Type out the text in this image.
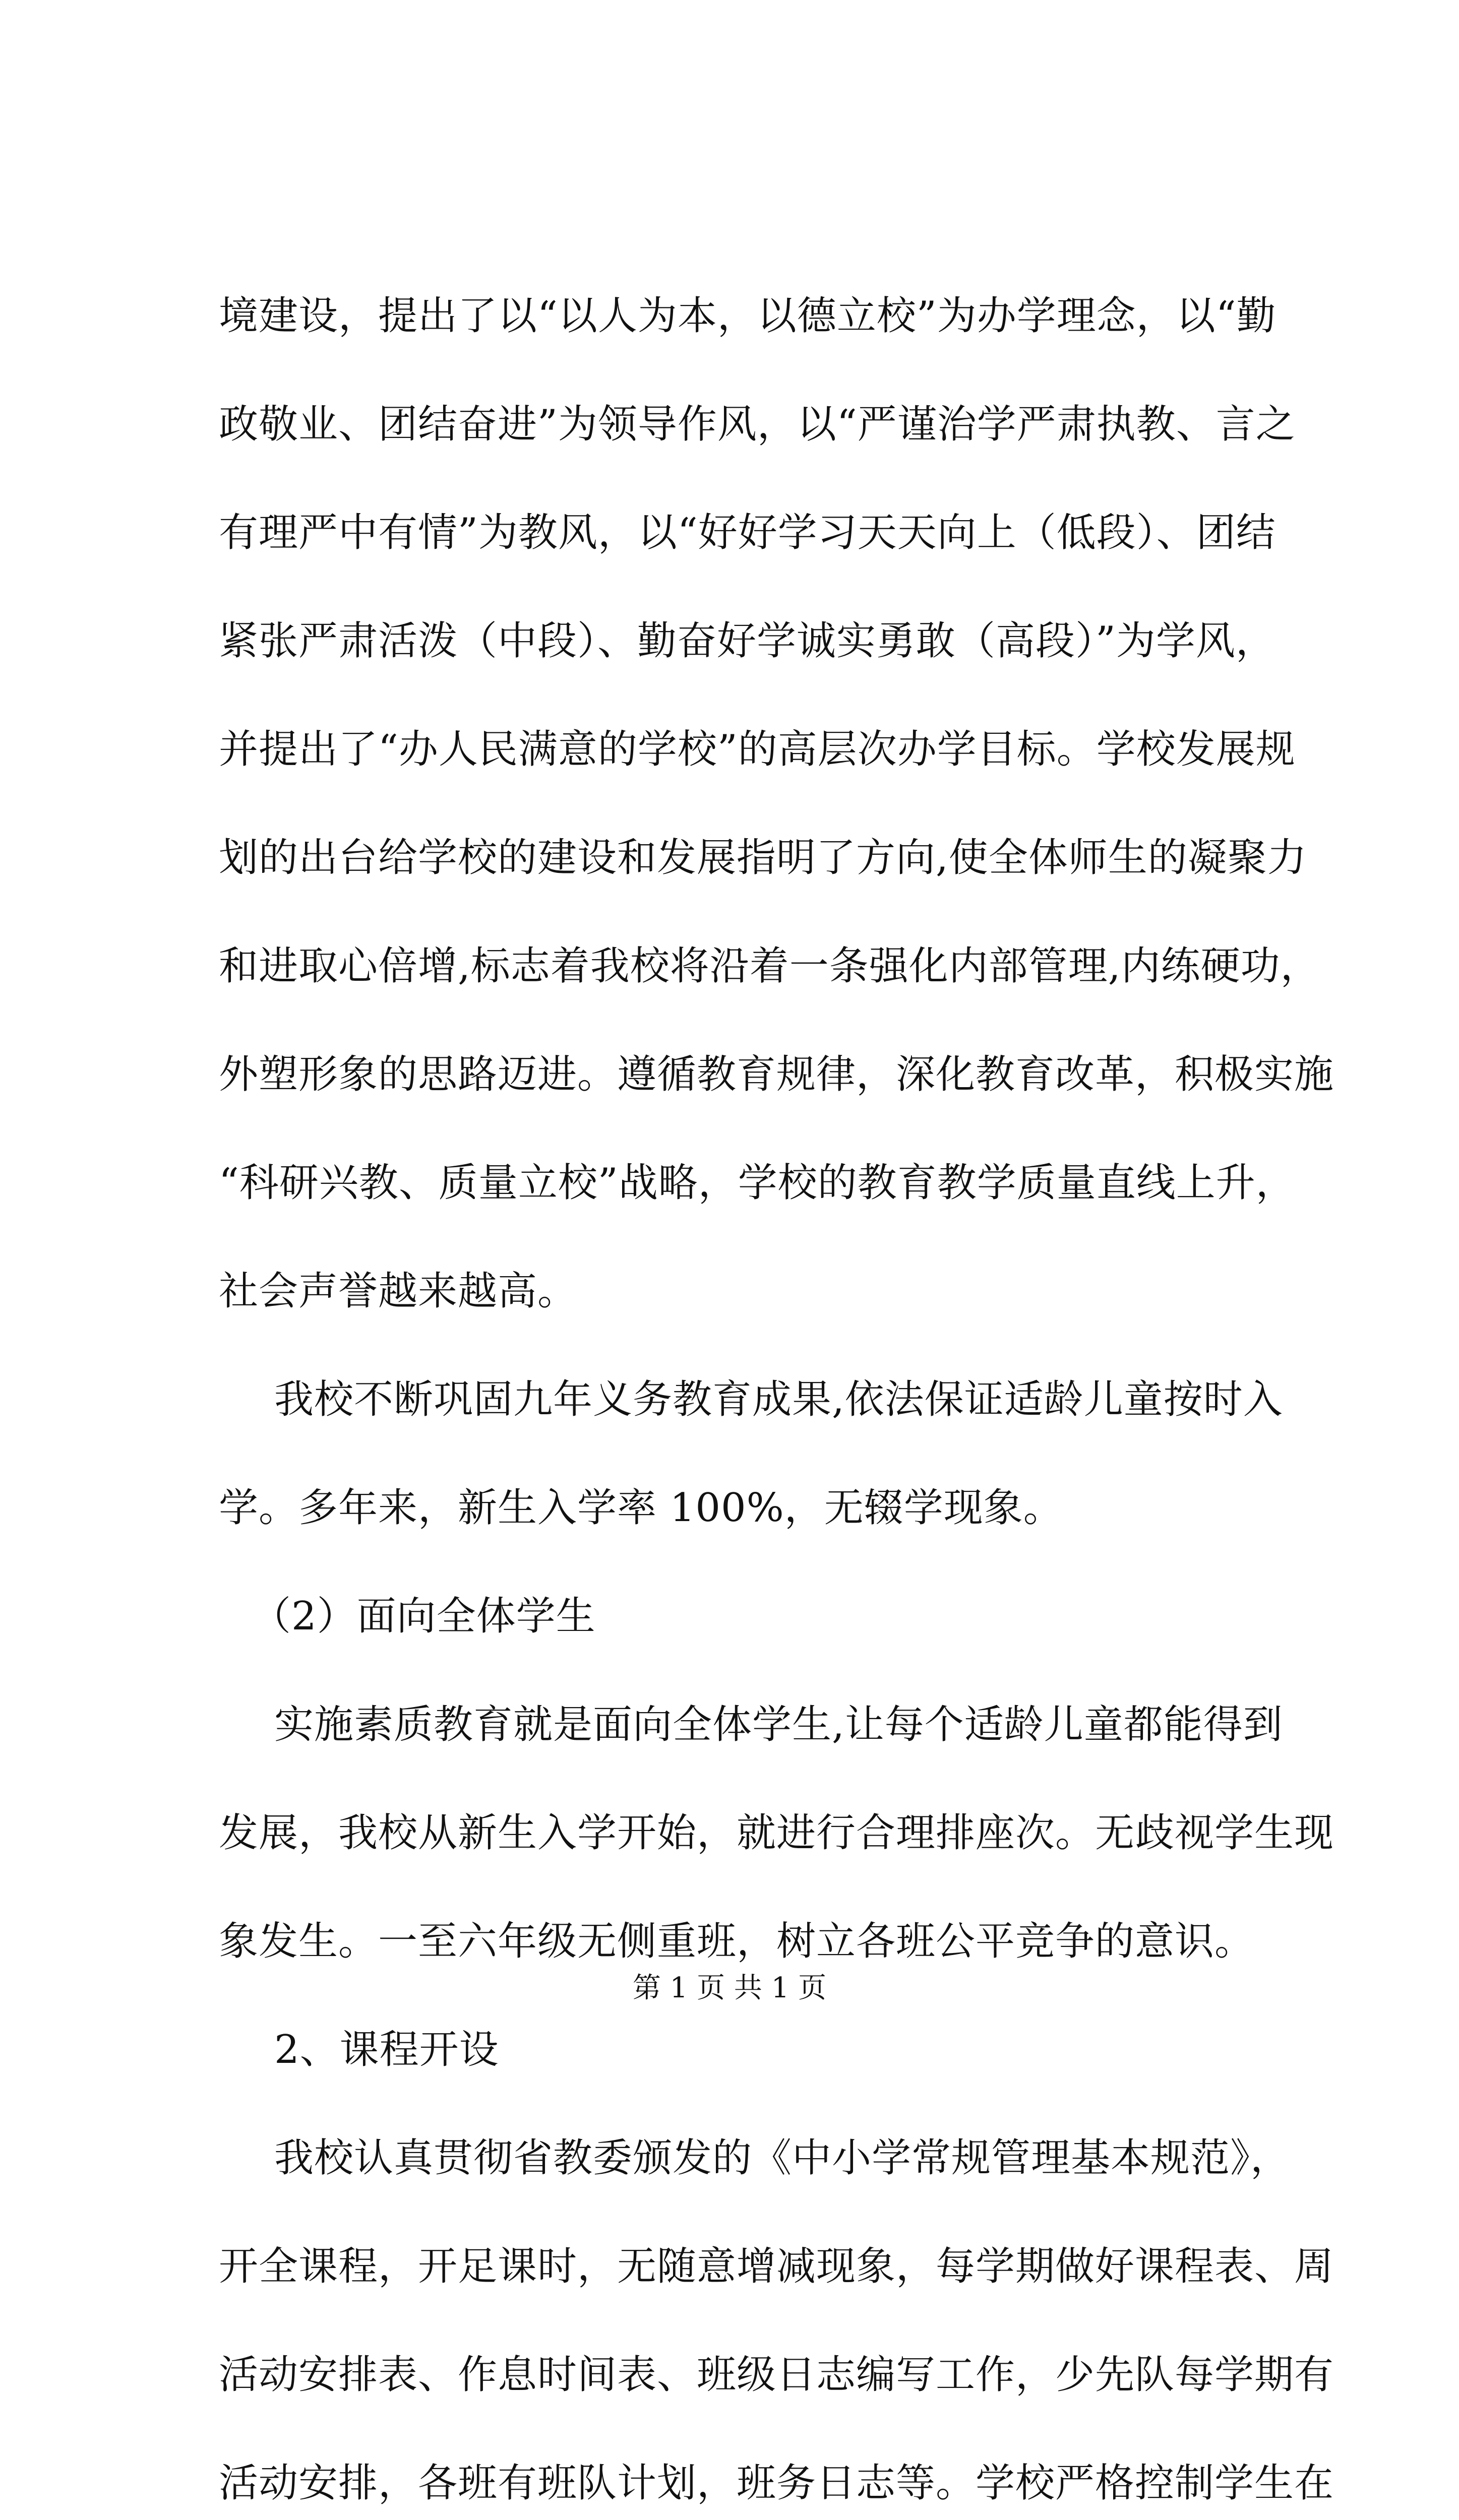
境建设，提出了以“以人为本，以德立校”为办学理念，以“勤
政敬业、团结奋进”为领导作风，以“严谨治学严肃执教、言之
有理严中有情”为教风，以“好好学习天天向上（低段）、团结
紧张严肃活泼（中段）、勤奋好学诚实勇敢（高段）”为学风，
并提出了“办人民满意的学校”的高层次办学目标。学校发展规
划的出台给学校的建设和发展指明了方向,使全体师生的凝聚力
和进取心倍增,标志着我校将沿着一条强化内部管理,内练硬功，
外塑形象的思路迈进。遵循教育规律，深化教育改革，积极实施
“科研兴教、质量立校”战略，学校的教育教学质量直线上升，
社会声誉越来越高。
我校不断巩固九年义务教育成果,依法保证适龄儿童按时入
学。多年来，新生入学率 100%，无辍学现象。
（2）面向全体学生
实施素质教育就是面向全体学生,让每个适龄儿童都能得到
发展，我校从新生入学开始，就进行合理排座次。无歧视学生现
象发生。一至六年级无侧重班，树立各班公平竞争的意识。
2、课程开设
我校认真贯彻省教委颁发的《中小学常规管理基本规范》，
开全课程，开足课时，无随意增减现象，每学期做好课程表、周
活动安排表、作息时间表、班级日志编写工作，少先队每学期有
活动安排，各班有班队计划，班务日志等。学校严格控制学生在
第 1 页 共 1 页
